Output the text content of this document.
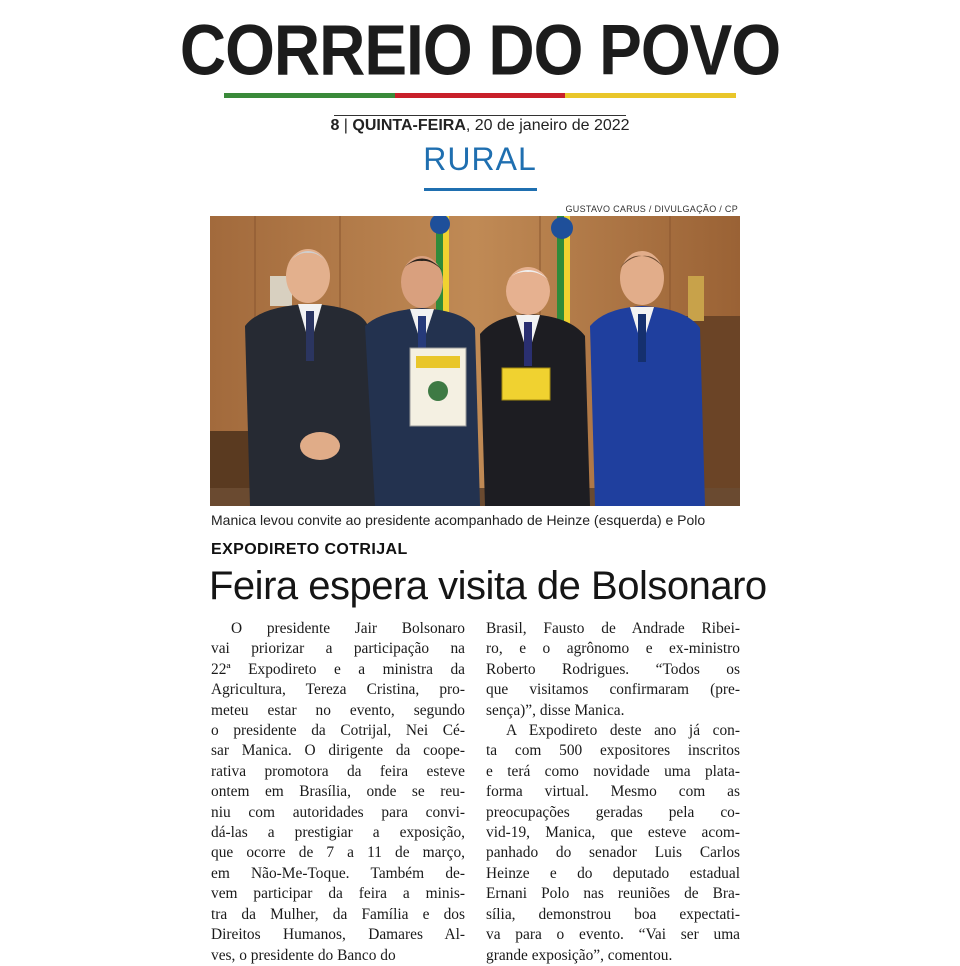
CORREIO DO POVO
8 | QUINTA-FEIRA, 20 de janeiro de 2022
RURAL
GUSTAVO CARUS / DIVULGAÇÃO / CP
Manica levou convite ao presidente acompanhado de Heinze (esquerda) e Polo
EXPODIRETO COTRIJAL
Feira espera visita de Bolsonaro

O presidente Jair Bolsonaro

vai priorizar a participação na

22ª Expodireto e a ministra da

Agricultura, Tereza Cristina, pro-

meteu estar no evento, segundo

o presidente da Cotrijal, Nei Cé-

sar Manica. O dirigente da coope-

rativa promotora da feira esteve

ontem em Brasília, onde se reu-

niu com autoridades para convi-

dá-las a prestigiar a exposição,

que ocorre de 7 a 11 de março,

em Não-Me-Toque. Também de-

vem participar da feira a minis-

tra da Mulher, da Família e dos

Direitos Humanos, Damares Al-

ves, o presidente do Banco do

Brasil, Fausto de Andrade Ribei-

ro, e o agrônomo e ex-ministro

Roberto Rodrigues. “Todos os

que visitamos confirmaram (pre-

sença)”, disse Manica.

A Expodireto deste ano já con-

ta com 500 expositores inscritos

e terá como novidade uma plata-

forma virtual. Mesmo com as

preocupações geradas pela co-

vid-19, Manica, que esteve acom-

panhado do senador Luis Carlos

Heinze e do deputado estadual

Ernani Polo nas reuniões de Bra-

sília, demonstrou boa expectati-

va para o evento. “Vai ser uma

grande exposição”, comentou.
